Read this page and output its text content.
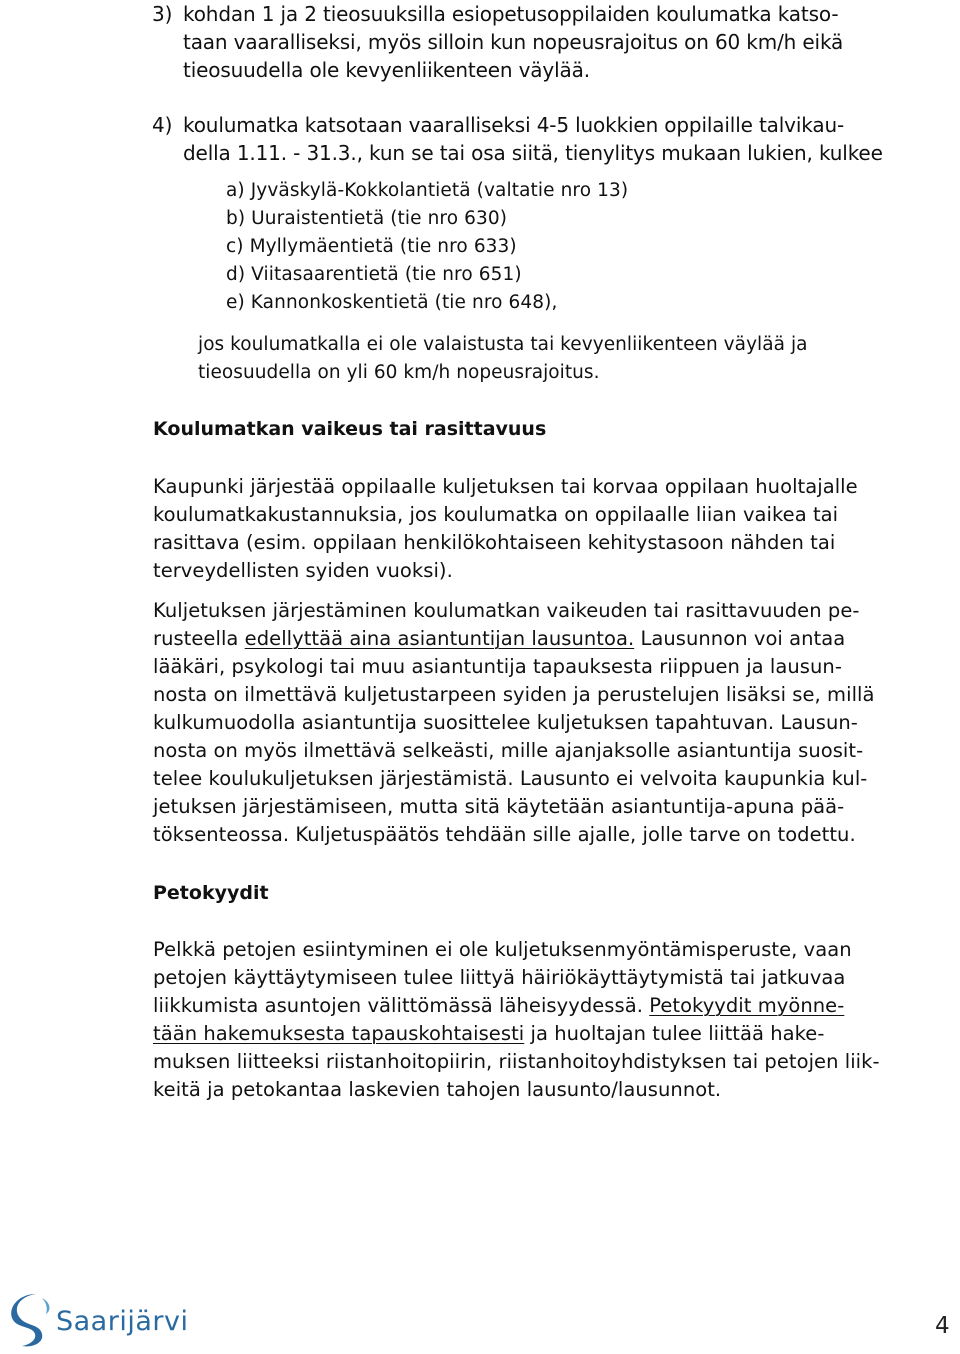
3) kohdan 1 ja 2 tieosuuksilla esiopetusoppilaiden koulumatka katso-

taan vaaralliseksi, myös silloin kun nopeusrajoitus on 60 km/h eikä

tieosuudella ole kevyenliikenteen väylää.

4) koulumatka katsotaan vaaralliseksi 4-5 luokkien oppilaille talvikau-

della 1.11. - 31.3., kun se tai osa siitä, tienylitys mukaan lukien, kulkee

a) Jyväskylä-Kokkolantietä (valtatie nro 13)

b) Uuraistentietä (tie nro 630)

c) Myllymäentietä (tie nro 633)

d) Viitasaarentietä (tie nro 651)

e) Kannonkoskentietä (tie nro 648),

jos koulumatkalla ei ole valaistusta tai kevyenliikenteen väylää ja

tieosuudella on yli 60 km/h nopeusrajoitus.

Koulumatkan vaikeus tai rasittavuus

Kaupunki järjestää oppilaalle kuljetuksen tai korvaa oppilaan huoltajalle

koulumatkakustannuksia, jos koulumatka on oppilaalle liian vaikea tai

rasittava (esim. oppilaan henkilökohtaiseen kehitystasoon nähden tai

terveydellisten syiden vuoksi).

Kuljetuksen järjestäminen koulumatkan vaikeuden tai rasittavuuden pe-

rusteella edellyttää aina asiantuntijan lausuntoa. Lausunnon voi antaa

lääkäri, psykologi tai muu asiantuntija tapauksesta riippuen ja lausun-

nosta on ilmettävä kuljetustarpeen syiden ja perustelujen lisäksi se, millä

kulkumuodolla asiantuntija suosittelee kuljetuksen tapahtuvan. Lausun-

nosta on myös ilmettävä selkeästi, mille ajanjaksolle asiantuntija suosit-

telee koulukuljetuksen järjestämistä. Lausunto ei velvoita kaupunkia kul-

jetuksen järjestämiseen, mutta sitä käytetään asiantuntija-apuna pää-

töksenteossa. Kuljetuspäätös tehdään sille ajalle, jolle tarve on todettu.

Petokyydit

Pelkkä petojen esiintyminen ei ole kuljetuksenmyöntämisperuste, vaan

petojen käyttäytymiseen tulee liittyä häiriökäyttäytymistä tai jatkuvaa

liikkumista asuntojen välittömässä läheisyydessä. Petokyydit myönne-

tään hakemuksesta tapauskohtaisesti ja huoltajan tulee liittää hake-

muksen liitteeksi riistanhoitopiirin, riistanhoitoyhdistyksen tai petojen liik-

keitä ja petokantaa laskevien tahojen lausunto/lausunnot.

Saarijärvi	4
